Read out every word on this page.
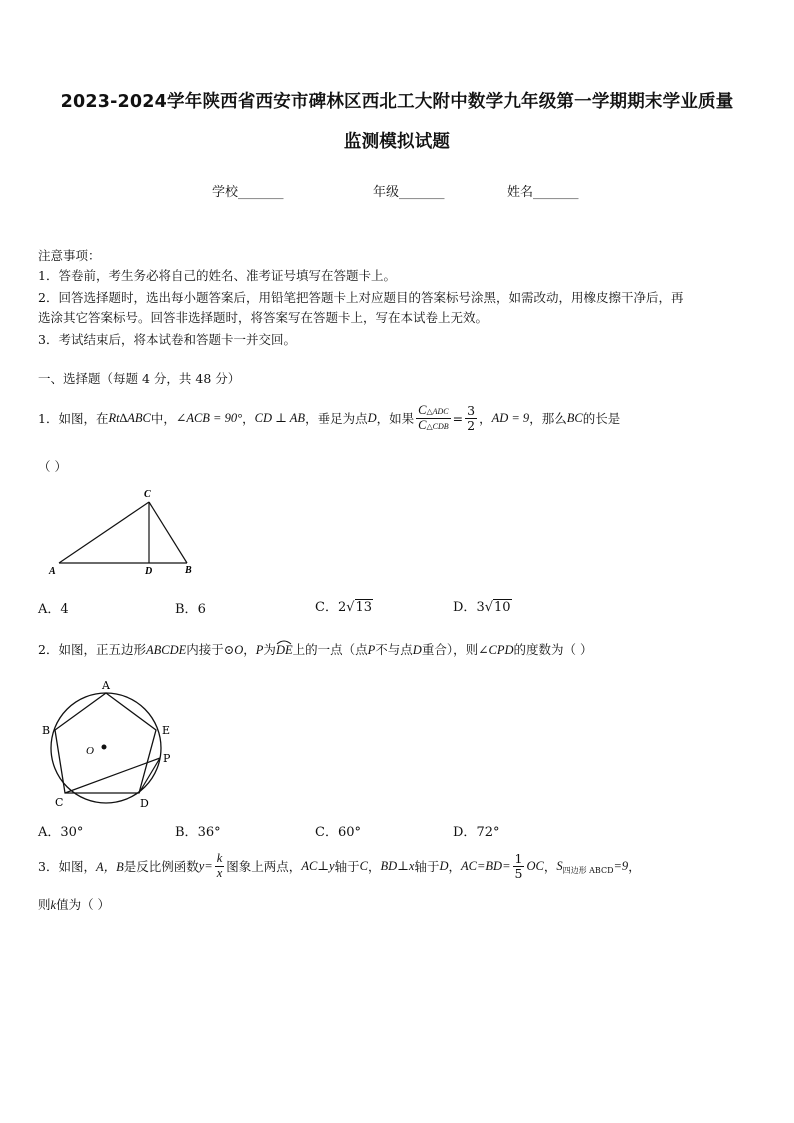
2023-2024学年陕西省西安市碑林区西北工大附中数学九年级第一学期期末学业质量
监测模拟试题
学校_______	年级_______	姓名_______
注意事项：
1．答卷前，考生务必将自己的姓名、准考证号填写在答题卡上。
2．回答选择题时，选出每小题答案后，用铅笔把答题卡上对应题目的答案标号涂黑，如需改动，用橡皮擦干净后，再
选涂其它答案标号。回答非选择题时，将答案写在答题卡上，写在本试卷上无效。
3．考试结束后，将本试卷和答题卡一并交回。
一、选择题（每题 4 分，共 48 分）
1．如图，在 Rt∆ABC 中， ∠ACB = 90° ， CD ⊥ AB ，垂足为点 D ，如果 $\frac{\text{C△ADC}}{\text{C△CDB}} = \frac{3}{2}$ ， AD = 9 ，那么 BC 的长是
（ ）
C
A	D	B
A．4	B．6	C．2√13	D．3√10
2．如图，正五边形ABCDE内接于⊙O，P为DE
上的一点（点P不与点D重合），则∠CPD的度数为（ ）
A
B	E
P
C	D
O
A．30°	B．36°	C．60°	D．72°
3．如图， A，B 是反比例函数 $y= \frac{k}{x}$ 图象上两点， AC⊥y 轴于 C ， BD⊥x 轴于 D ， $AC=BD= \frac{1}{5}$ OC ， S 四边形 ABCD =9 ，
则k值为（ ）
